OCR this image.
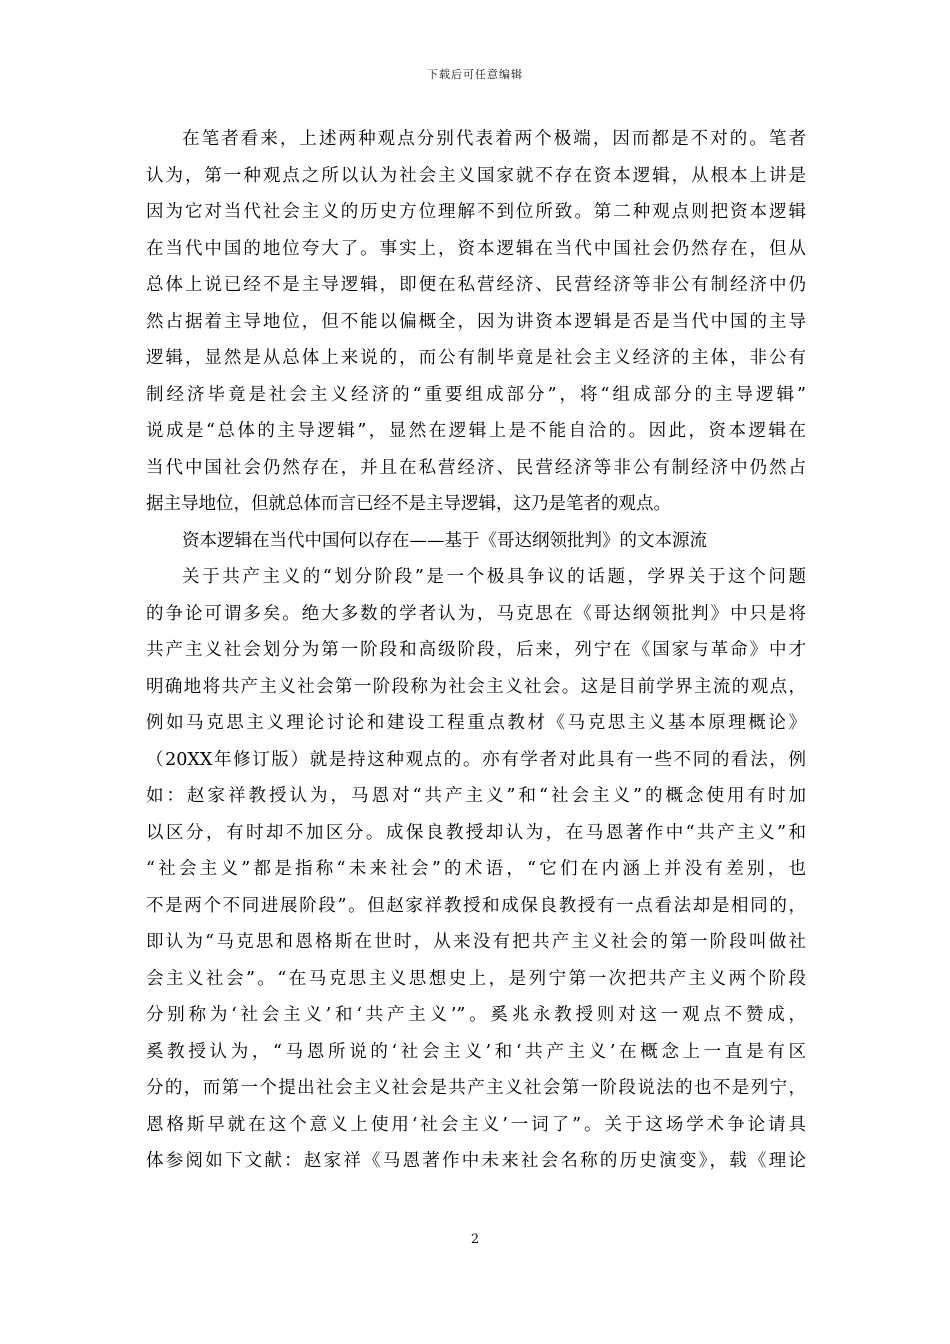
下载后可任意编辑
在笔者看来，上述两种观点分别代表着两个极端，因而都是不对的。笔者
认为，第一种观点之所以认为社会主义国家就不存在资本逻辑，从根本上讲是
因为它对当代社会主义的历史方位理解不到位所致。第二种观点则把资本逻辑
在当代中国的地位夸大了。事实上，资本逻辑在当代中国社会仍然存在，但从
总体上说已经不是主导逻辑，即便在私营经济、民营经济等非公有制经济中仍
然占据着主导地位，但不能以偏概全，因为讲资本逻辑是否是当代中国的主导
逻辑，显然是从总体上来说的，而公有制毕竟是社会主义经济的主体，非公有
制经济毕竟是社会主义经济的“重要组成部分”，将“组成部分的主导逻辑”
说成是“总体的主导逻辑”，显然在逻辑上是不能自洽的。因此，资本逻辑在
当代中国社会仍然存在，并且在私营经济、民营经济等非公有制经济中仍然占
据主导地位，但就总体而言已经不是主导逻辑，这乃是笔者的观点。
资本逻辑在当代中国何以存在——基于《哥达纲领批判》的文本源流
关于共产主义的“划分阶段”是一个极具争议的话题，学界关于这个问题
的争论可谓多矣。绝大多数的学者认为，马克思在《哥达纲领批判》中只是将
共产主义社会划分为第一阶段和高级阶段，后来，列宁在《国家与革命》中才
明确地将共产主义社会第一阶段称为社会主义社会。这是目前学界主流的观点，
例如马克思主义理论讨论和建设工程重点教材《马克思主义基本原理概论》
（20XX年修订版）就是持这种观点的。亦有学者对此具有一些不同的看法，例
如：赵家祥教授认为，马恩对“共产主义”和“社会主义”的概念使用有时加
以区分，有时却不加区分。成保良教授却认为，在马恩著作中“共产主义”和
“社会主义”都是指称“未来社会”的术语，“它们在内涵上并没有差别，也
不是两个不同进展阶段”。但赵家祥教授和成保良教授有一点看法却是相同的，
即认为“马克思和恩格斯在世时，从来没有把共产主义社会的第一阶段叫做社
会主义社会”。“在马克思主义思想史上，是列宁第一次把共产主义两个阶段
分别称为‘社会主义’和‘共产主义’”。奚兆永教授则对这一观点不赞成，
奚教授认为，“马恩所说的‘社会主义’和‘共产主义’在概念上一直是有区
分的，而第一个提出社会主义社会是共产主义社会第一阶段说法的也不是列宁，
恩格斯早就在这个意义上使用‘社会主义’一词了”。关于这场学术争论请具
体参阅如下文献：赵家祥《马恩著作中未来社会名称的历史演变》，载《理论
2
